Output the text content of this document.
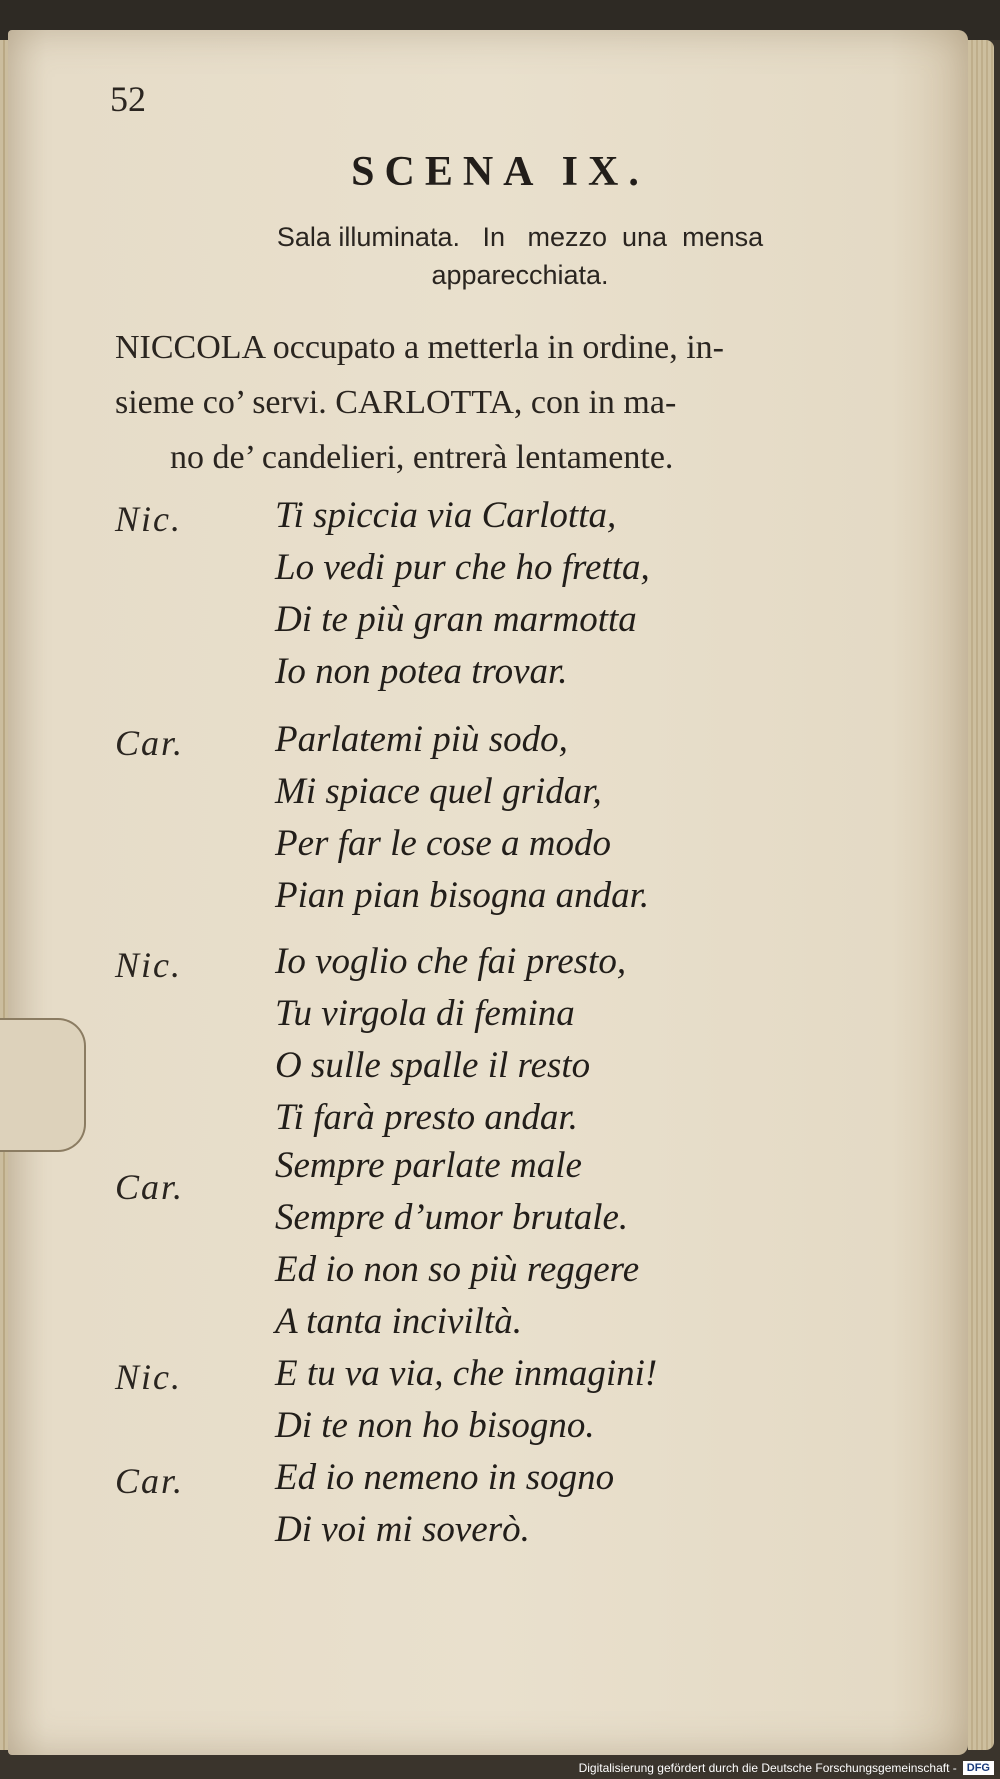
52
SCENA IX.
Sala illuminata.   In   mezzo  una  mensa
apparecchiata.
NICCOLA occupato a metterla in ordine, in-
sieme co’ servi. CARLOTTA, con in ma-
no de’ candelieri, entrerà lentamente.
Nic.	Ti spiccia via Carlotta,
Lo vedi pur che ho fretta,
Di te più gran marmotta
Io non potea trovar.
Car. Parlatemi più sodo,
Mi spiace quel gridar,
Per far le cose a modo
Pian pian bisogna andar.
Nic.	Io voglio che fai presto,
Tu virgola di femina
O sulle spalle il resto
Ti farà presto andar.
Car.
Sempre parlate male
Sempre d’umor brutale.
Ed io non so più reggere
A tanta inciviltà.
Nic.	E tu va via, che inmagini!
Di te non ho bisogno.
Car. Ed io nemeno in sogno
Di voi mi soverò.
Digitalisierung gefördert durch die Deutsche Forschungsgemeinschaft - DFG
